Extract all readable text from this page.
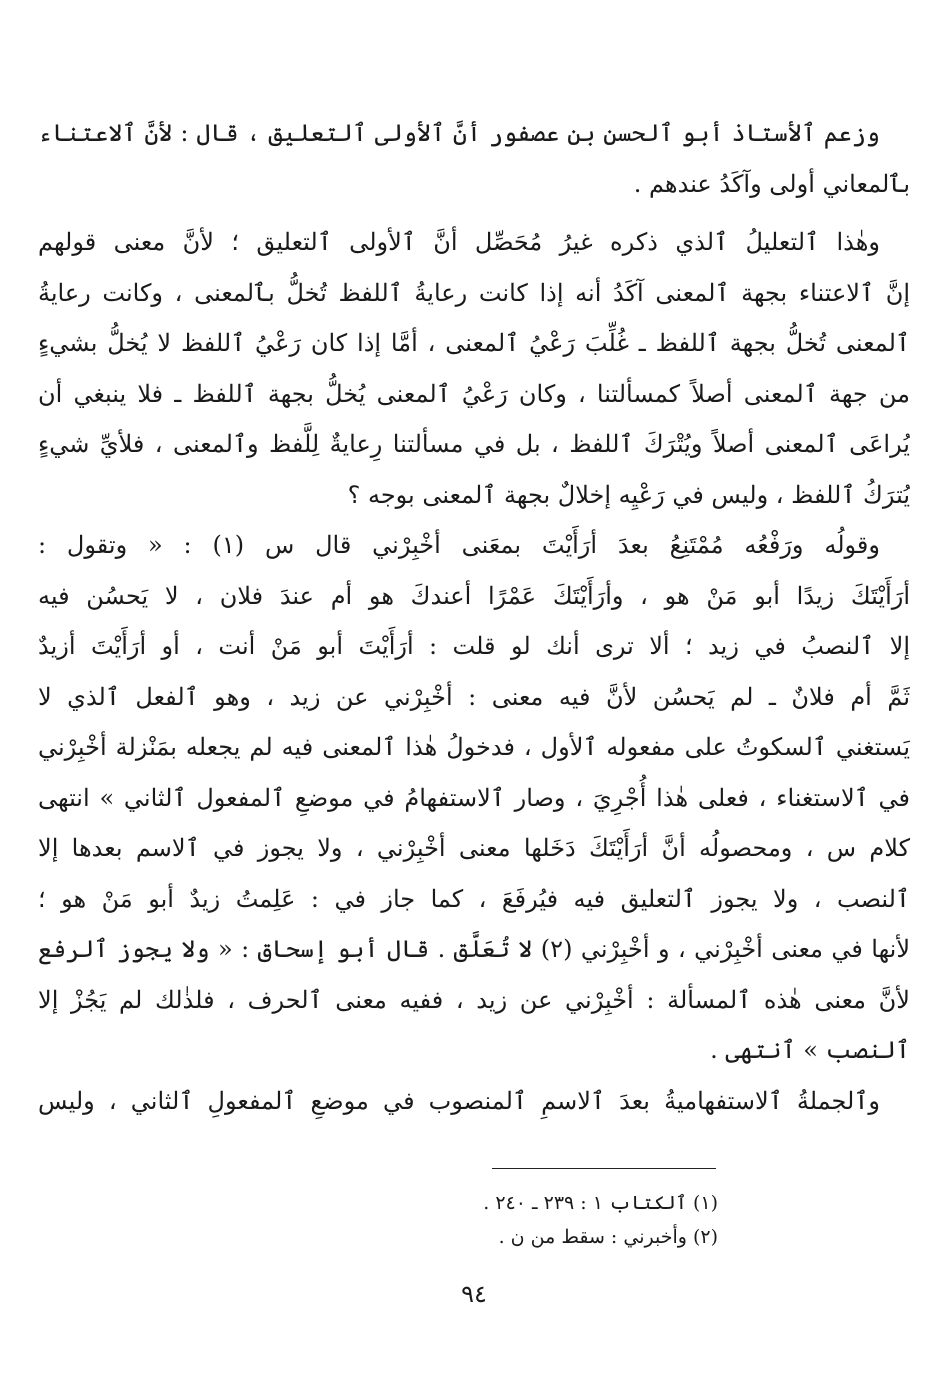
وزعم ٱلأستاذ أبو ٱلحسن بن عصفور أنَّ ٱلأولى ٱلتعليق ، قال : لأنَّ ٱلاعتناء
بٱلمعاني أولى وآكَدُ عندهم .
وهٰذا ٱلتعليلُ ٱلذي ذكره غيرُ مُحَصِّل أنَّ ٱلأولى ٱلتعليق ؛ لأنَّ معنى قولهم
إنَّ ٱلاعتناء بجهة ٱلمعنى آكَدُ أنه إذا كانت رعايةُ ٱللفظ تُخلُّ بٱلمعنى ، وكانت رعايةُ
ٱلمعنى تُخلُّ بجهة ٱللفظ ـ غُلِّبَ رَعْيُ ٱلمعنى ، أمَّا إذا كان رَعْيُ ٱللفظ لا يُخلُّ بشيءٍ
من جهة ٱلمعنى أصلاً كمسألتنا ، وكان رَعْيُ ٱلمعنى يُخلُّ بجهة ٱللفظ ـ فلا ينبغي أن
يُراعَى ٱلمعنى أصلاً ويُتْرَكَ ٱللفظ ، بل في مسألتنا رِعايةٌ لِلَّفظ وٱلمعنى ، فلأيِّ شيءٍ
يُترَكُ ٱللفظ ، وليس في رَعْيِه إخلالٌ بجهة ٱلمعنى بوجه ؟
وقولُه ورَفْعُه مُمْتَنِعُ بعدَ أرَأَيْتَ بمعَنى أخْبِرْني قال س (١) : « وتقول :
أرَأَيْتَكَ زيدًا أبو مَنْ هو ، وأرَأَيْتَكَ عَمْرًا أعندكَ هو أم عندَ فلان ، لا يَحسُن فيه
إلا ٱلنصبُ في زيد ؛ ألا ترى أنك لو قلت : أرَأَيْتَ أبو مَنْ أنت ، أو أرَأَيْتَ أزيدٌ
ثَمَّ أم فلانٌ ـ لم يَحسُن لأنَّ فيه معنى : أخْبِرْني عن زيد ، وهو ٱلفعل ٱلذي لا
يَستغني ٱلسكوتُ على مفعوله ٱلأول ، فدخولُ هٰذا ٱلمعنى فيه لم يجعله بمَنْزلة أخْبِرْني
في ٱلاستغناء ، فعلى هٰذا أُجْرِيَ ، وصار ٱلاستفهامُ في موضعِ ٱلمفعول ٱلثاني » انتهى
كلام س ، ومحصولُه أنَّ أرَأَيْتَكَ دَخَلها معنى أخْبِرْني ، ولا يجوز في ٱلاسم بعدها إلا
ٱلنصب ، ولا يجوز ٱلتعليق فيه فيُرفَعَ ، كما جاز في : عَلِمتُ زيدٌ أبو مَنْ هو ؛
لأنها في معنى أخْبِرْني ، و أخْبِرْني (٢) لا تُعَلَّق . قال أبو إسحاق : « ولا يجوز ٱلرفع
لأنَّ معنى هٰذه ٱلمسألة : أخْبِرْني عن زيد ، ففيه معنى ٱلحرف ، فلذٰلك لم يَجُزْ إلا
ٱلنصب » ٱنتهى .
وٱلجملةُ ٱلاستفهاميةُ بعدَ ٱلاسمِ ٱلمنصوب في موضعِ ٱلمفعولِ ٱلثاني ، وليس
(١) ٱلكتاب ١ : ٢٣٩ ـ ٢٤٠ .
(٢) وأخبرني : سقط من ن .
٩٤
